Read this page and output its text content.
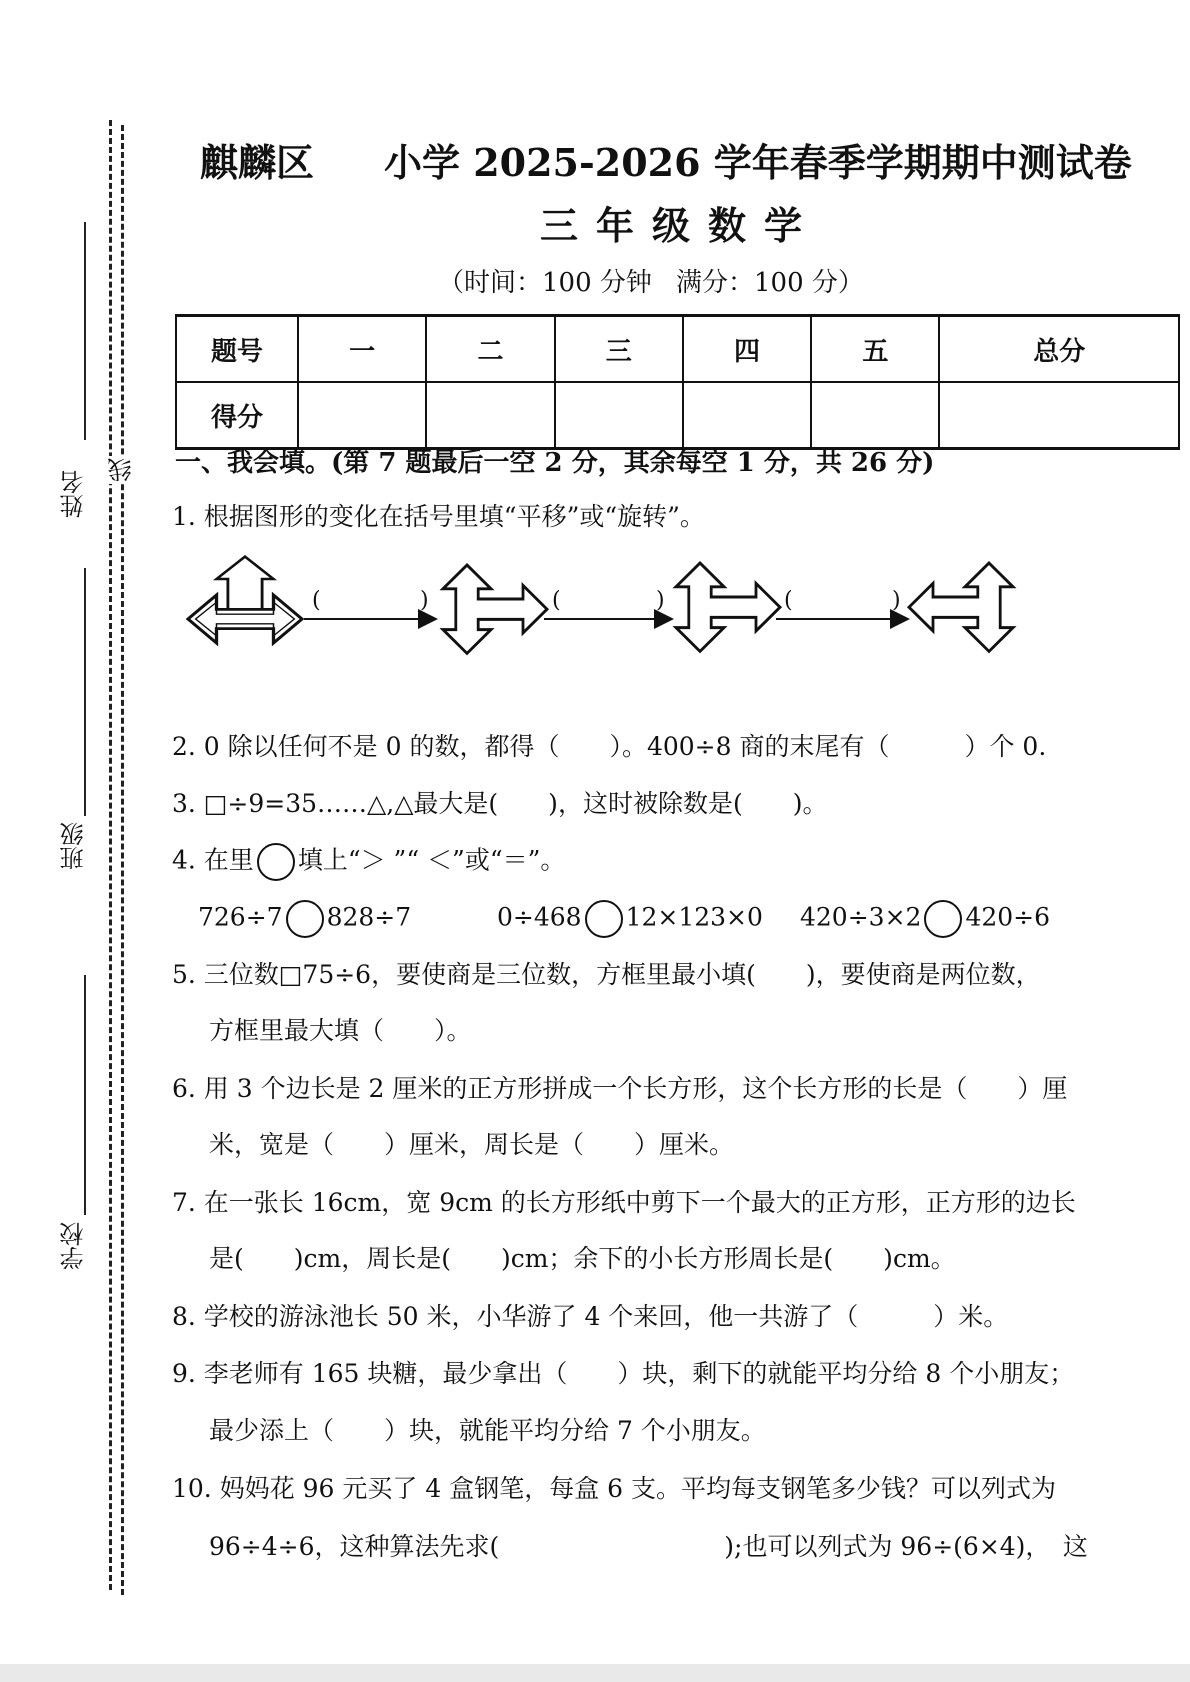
姓名 线
班级
学校
麒麟区 小学 2025-2026 学年春季学期期中测试卷
三年级数学
（时间：100 分钟 满分：100 分）
题号	一	二	三	四	五	总分
得分						
一、我会填。(第 7 题最后一空 2 分，其余每空 1 分，共 26 分)
1. 根据图形的变化在括号里填“平移”或“旋转”。
(	)	(	)	(	)
2. 0 除以任何不是 0 的数，都得（　　）。400÷8 商的末尾有（　　　）个 0.
3. □÷9=35……△,△最大是(　　)，这时被除数是(　　)。
4. 在里 填上“＞ ”“ ＜”或“＝”。
726÷7 828÷7	0÷468 12×123×0 420÷3×2 420÷6
5. 三位数□75÷6，要使商是三位数，方框里最小填(　　)，要使商是两位数，
方框里最大填（　　）。
6. 用 3 个边长是 2 厘米的正方形拼成一个长方形，这个长方形的长是（　　）厘
米，宽是（　　）厘米，周长是（　　）厘米。
7. 在一张长 16cm，宽 9cm 的长方形纸中剪下一个最大的正方形，正方形的边长
是(　　)cm，周长是(　　)cm；余下的小长方形周长是(　　)cm。
8. 学校的游泳池长 50 米，小华游了 4 个来回，他一共游了（　　　）米。
9. 李老师有 165 块糖，最少拿出（　　）块，剩下的就能平均分给 8 个小朋友；
最少添上（　　）块，就能平均分给 7 个小朋友。
10. 妈妈花 96 元买了 4 盒钢笔，每盒 6 支。平均每支钢笔多少钱？可以列式为
96÷4÷6，这种算法先求(　　　　　　　　　);也可以列式为 96÷(6×4)，　这
